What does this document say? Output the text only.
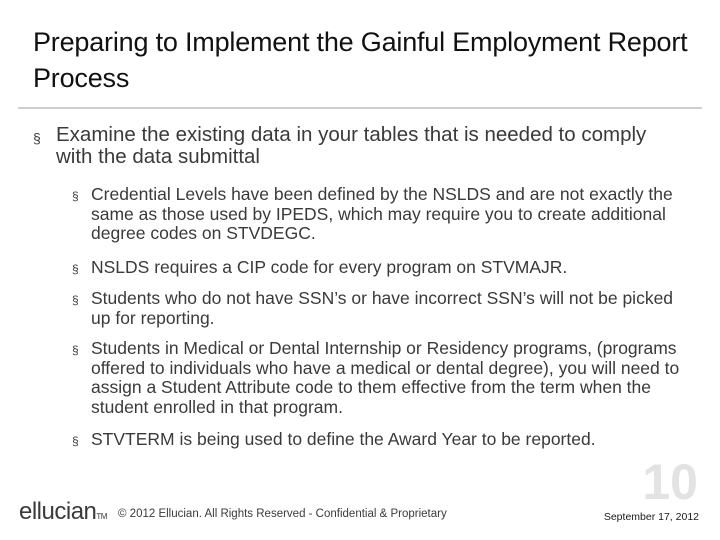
Preparing to Implement the Gainful Employment Report Process
§ Examine the existing data in your tables that is needed to comply with the data submittal
§ Credential Levels have been defined by the NSLDS and are not exactly the same as those used by IPEDS, which may require you to create additional degree codes on STVDEGC.
§ NSLDS requires a CIP code for every program on STVMAJR.
§ Students who do not have SSN’s or have incorrect SSN’s will not be picked up for reporting.
§ Students in Medical or Dental Internship or Residency programs, (programs offered to individuals who have a medical or dental degree), you will need to assign a Student Attribute code to them effective from the term when the student enrolled in that program.
§ STVTERM is being used to define the Award Year to be reported.
10
ellucianTM © 2012 Ellucian. All Rights Reserved - Confidential & Proprietary	September 17, 2012
